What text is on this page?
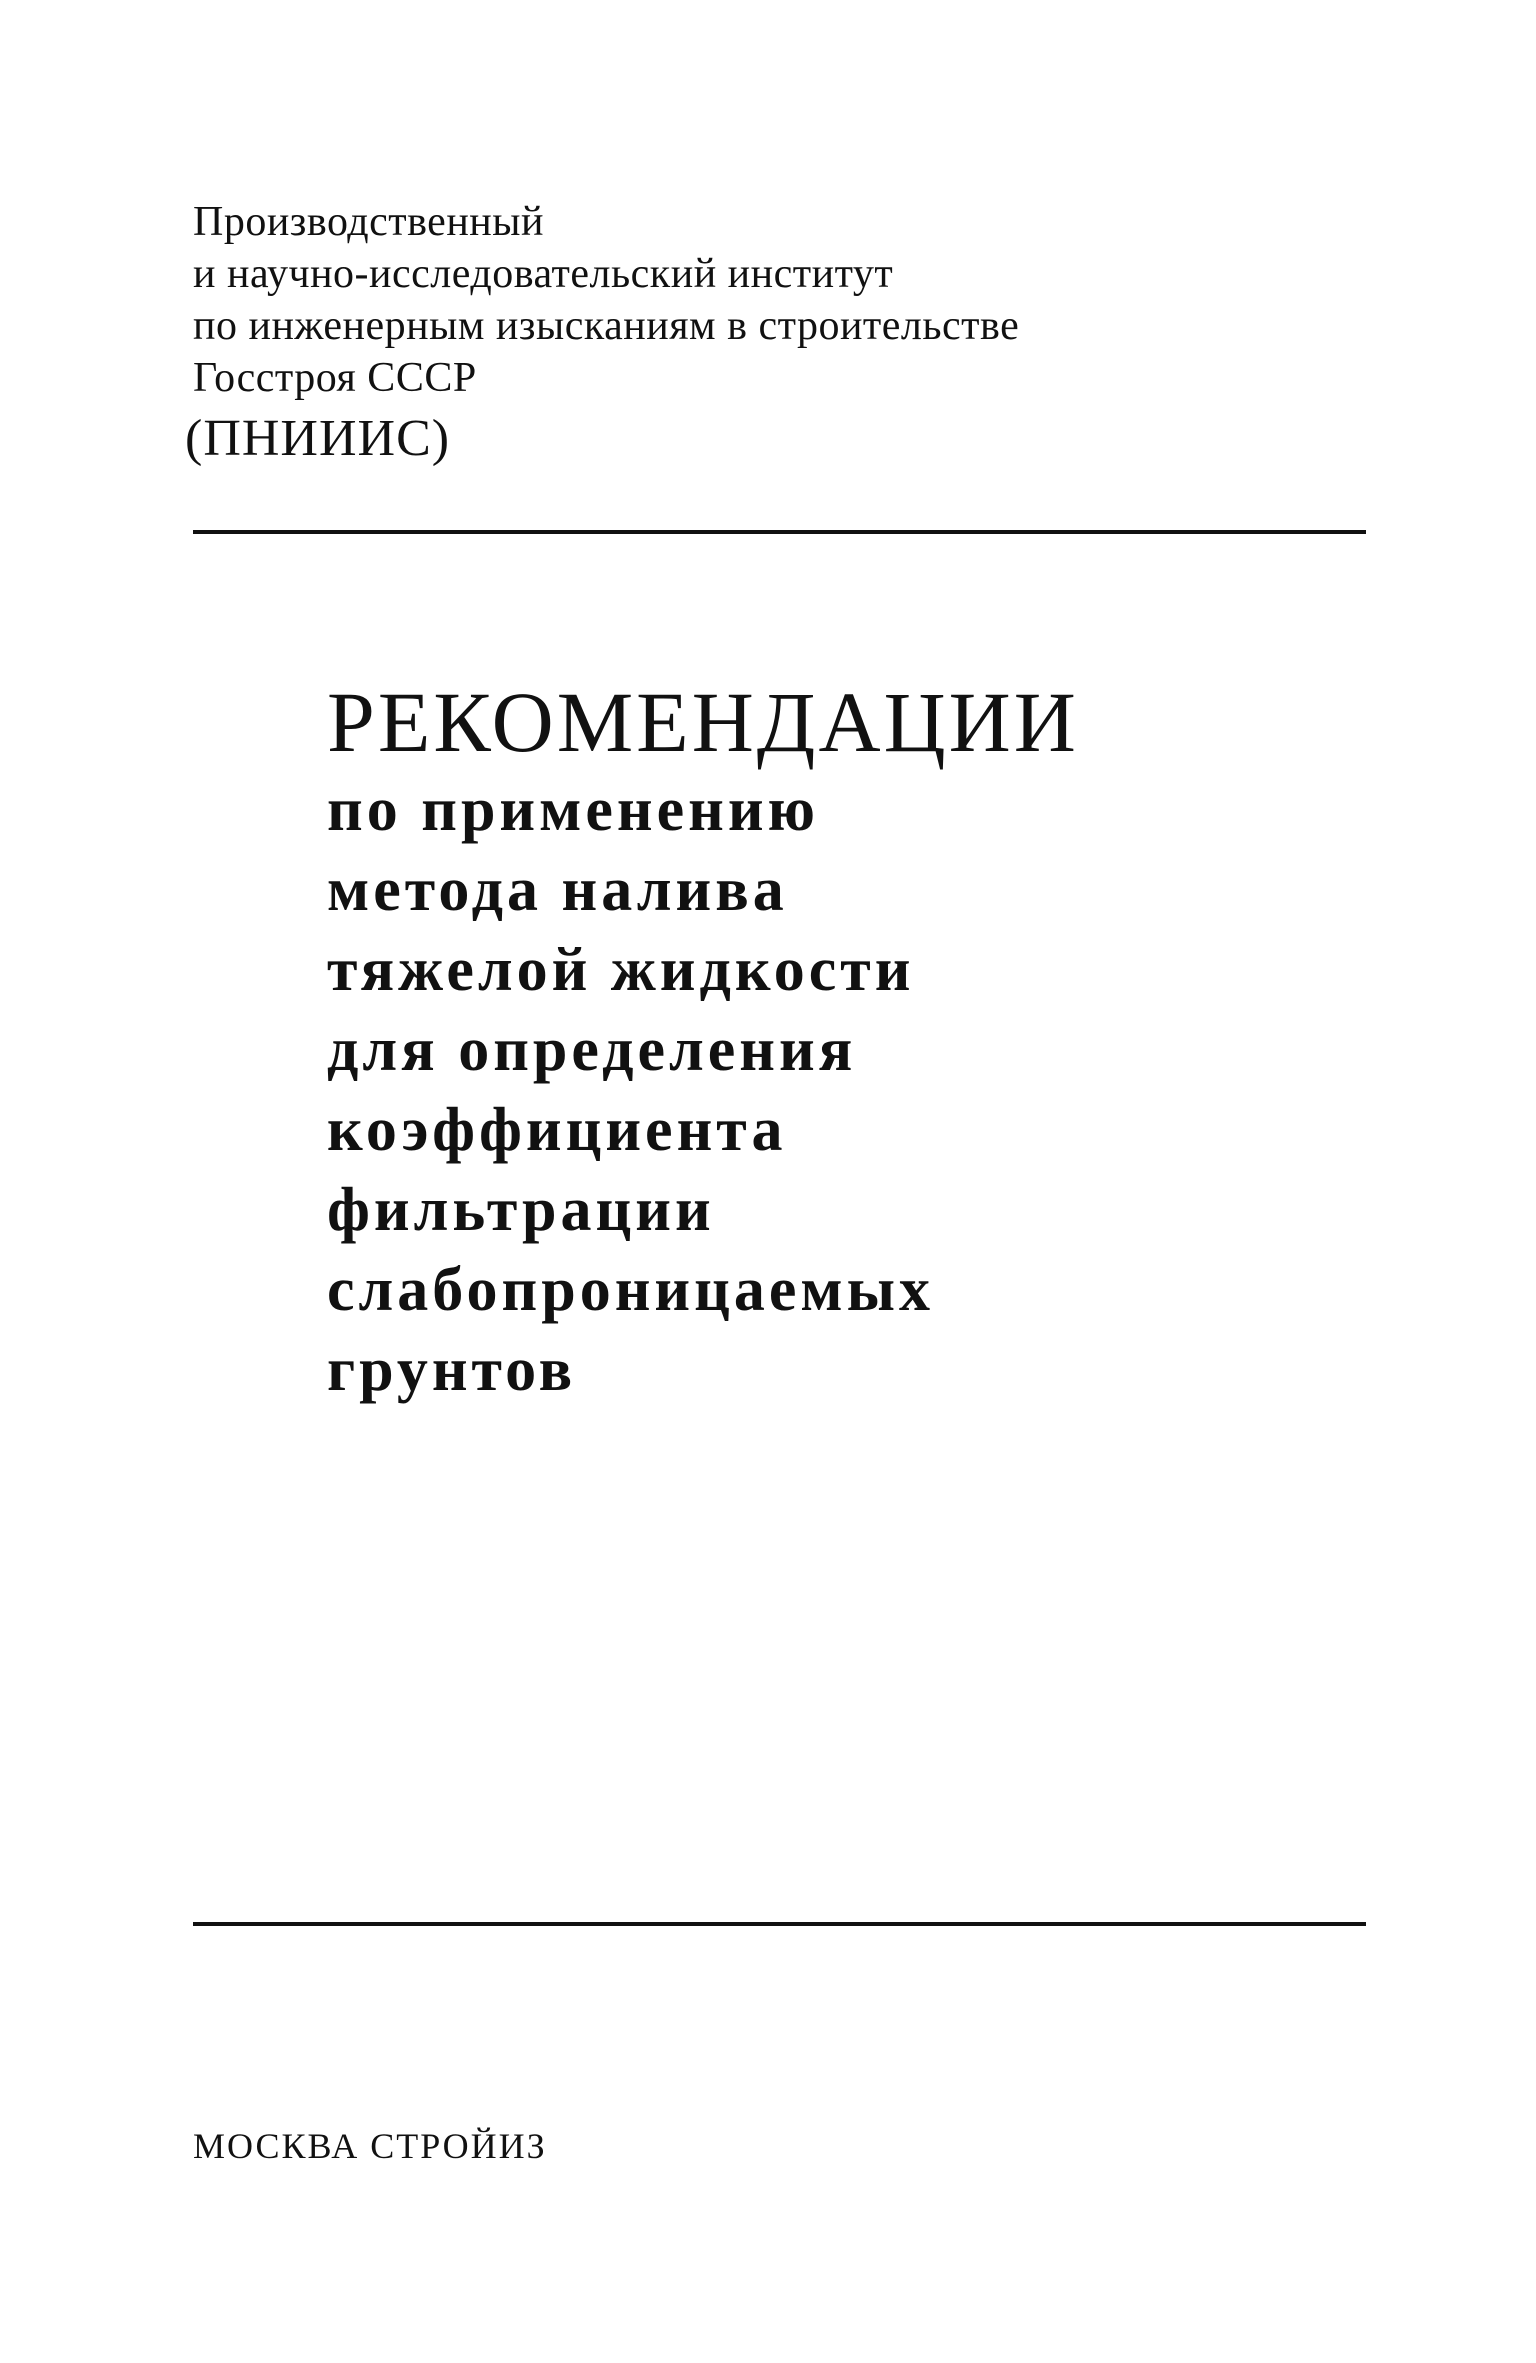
Производственный
и научно-исследовательский институт
по инженерным изысканиям в строительстве
Госстроя СССР
(ПНИИИС)
РЕКОМЕНДАЦИИ
по применению
метода налива
тяжелой жидкости
для определения
коэффициента
фильтрации
слабопроницаемых
грунтов
МОСКВА СТРОЙИЗ
